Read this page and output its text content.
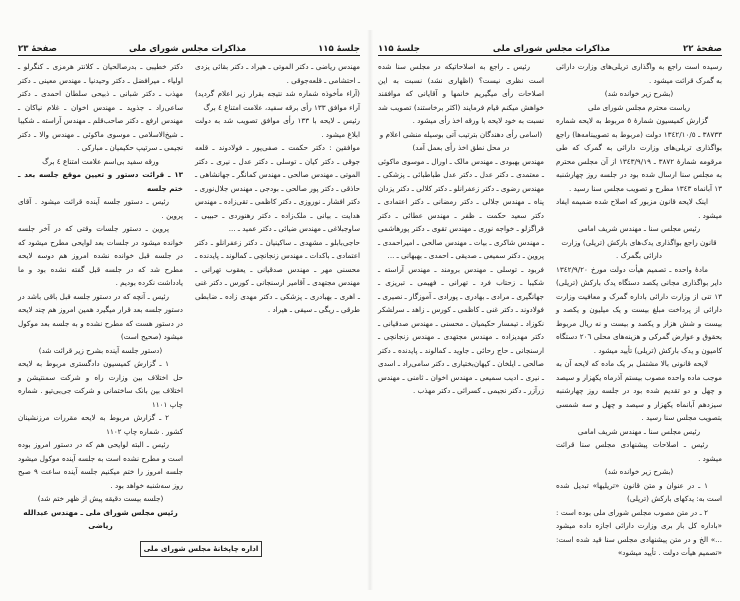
جلسهٔ ۱۱۵
مذاکرات مجلس شورای ملی
صفحهٔ ۲۳

مهندس ریاضی ـ دکتر الموتی ـ هیراد ـ دکتر بقائی یزدی ـ احتشامی ـ قلعه‌جوقی .

(آراء مأخوذه شماره شد نتیجه بقرار زیر اعلام گردید) آراء موافق ۱۳۳ رأی برقه سفید، علامت امتناع ٤ برگ

رئیس ـ لایحه با ۱۳۳ رأی موافق تصویب شد به دولت ابلاغ میشود .

موافقین : دکتر حکمت ـ صفی‌پور ـ فولادوند ـ قلعه جوقی ـ دکتر کیان ـ توسلی ـ دکتر عدل ـ نیری ـ دکتر الموتی ـ مهندس صالحی ـ مهندس کمانگر ـ جهانشاهی ـ حاذقی ـ دکتر پور صالحی ـ بودجی ـ مهندس جلال‌نوری ـ دکتر افشار ـ نوروزی ـ دکتر کاظمی ـ تقی‌زاده ـ مهندس هدایت ـ بیانی ـ ملک‌زاده ـ دکتر رهنوردی ـ حبیبی ـ ساوجبلاغی ـ مهندس ضیائی ـ دکتر عمید ـ ...

حاجی‌بابلو ـ مشهدی ـ ساکینیان ـ دکتر زعفرانلو ـ دکتر اعتمادی ـ باکدات ـ مهندس زنجانچی ـ کمالوند ـ پایدنده ـ محسنی مهر ـ مهندس صدقیانی ـ یعقوب تهرانی ـ مهندس مجتهدی ـ آقامیر ارسنجانی ـ کورس ـ دکتر غنی ـ اهری ـ بهبادری ـ پزشکی ـ دکتر مهدی زاده ـ ضابطی طرقی ـ ریگی ـ سیفی ـ هیراد .

دکتر خطیبی ـ بدرصالحیان ـ کلانتر هرمزی ـ کنگرلو ـ اولیاء ـ میرافضل ـ دکتر وحیدنیا ـ مهندس معینی ـ دکتر مهذب ـ دکتر شبانی ـ ذبیحی سلطان احمدی ـ دکتر ساعی‌راد ـ جذوید ـ مهندس اخوان ـ غلام نیاکان ـ مهندس ارفع ـ دکتر صاحب‌قلم ـ مهندس آراسته ـ شکیبا ـ شیخ‌الاسلامی ـ موسوی ماکوئی ـ مهندس والا ـ دکتر نجیمی ـ سرتیپ حکیمیان ـ مبارکی .

ورقه سفید بی‌اسم علامت امتناع ٤ برگ

۱۳ ـ قرائت دستور و تعیین موقع جلسه بعد ـ ختم جلسه

رئیس ـ دستور جلسه آینده قرائت میشود . آقای پروین .

پروین ـ دستور جلسات وقتی که در آخر جلسه خوانده میشود در جلسات بعد لوایحی مطرح میشود که در جلسه قبل خوانده نشده امروز هم دوسه لایحه مطرح شد که در جلسه قبل گفته نشده بود و ما یادداشت نکرده بودیم .

رئیس ـ آنچه که در دستور جلسه قبل باقی باشد در دستور جلسه بعد قرار میگیرد همین امروز هم چند لایحه در دستور هست که مطرح نشده و به جلسه بعد موکول میشود (صحیح است)

(دستور جلسه آینده بشرح زیر قرائت شد)

۱ ـ گزارش کمیسیون دادگستری مربوط به لایحه حل اختلاف بین وزارت راه و شرکت سمنتیشن و اختلاف بین بانک ساختمانی و شرکت جی‌بی‌تیو . شماره چاپ ۱۱۰۱

۲ ـ گزارش مربوط به لایحه مقررات مرزنشینان کشور . شماره چاپ ۱۱۰۲

رئیس ـ البته لوایحی هم که در دستور امروز بوده است و مطرح نشده است به جلسه آینده موکول میشود جلسه امروز را ختم میکنیم جلسه آینده ساعت ۹ صبح روز سه‌شنبه خواهد بود .

(جلسه بیست دقیقه پیش از ظهر ختم شد)

رئیس مجلس شورای ملی ـ مهندس عبدالله ریاضی

اداره چاپخانهٔ مجلس شورای ملی
صفحهٔ ۲۲
مذاکرات مجلس شورای ملی
جلسهٔ ۱۱۵

رسیده است راجع به واگذاری تریلی‌های وزارت دارائی به گمرک قرائت میشود .

(بشرح زیر خوانده شد)

ریاست محترم مجلس شورای ملی

گزارش کمیسیون شمارهٔ ٥ مربوط به لایحه شماره ۳۸۷۳۳ ـ ۱۳٤۲/۱۰/٥ دولت (مربوط به تصویبنامه‌ها) راجع بواگذاری تریلی‌های وزارت دارائی به گمرک که طی مرقومه شمارهٔ ۳۸۷۲ ـ ۱۳٤۳/۹/۱۹ از آن مجلس محترم به مجلس سنا ارسال شده بود در جلسه روز چهارشنبه ۱۳ آبانماه ۱۳٤۳ مطرح و تصویب مجلس سنا رسید .

اینک لایحه قانون مزبور که اصلاح شده ضمیمه ایفاد میشود .

رئیس مجلس سنا ـ مهندس شریف امامی

قانون راجع بواگذاری یدک‌های بارکش (تریلی) وزارت دارائی بگمرک .

مادهٔ واحده ـ تصمیم هیأت دولت مورخ ۱۳٤۲/۹/۲۰ دایر بواگذاری مجانی یکصد دستگاه یدک بارکش (تریلی) ۱۳ تنی از وزارت دارائی باداره گمرک و معافیت وزارت دارائی از پرداخت مبلغ بیست و یک میلیون و یکصد و بیست و شش هزار و یکصد و بیست و نه ریال مربوط بحقوق و عوارض گمرکی و هزینه‌های محلی ۲۰٦ دستگاه کامیون و یدک بارکش (تریلی) تأیید میشود .

لایحه قانونی بالا مشتمل بر یک ماده که لایحه آن به موجب ماده واحده مصوب بیستم آذرماه یکهزار و سیصد و چهل و دو تقدیم شده بود در جلسه روز چهارشنبه سیزدهم آبانماه یکهزار و سیصد و چهل و سه شمسی بتصویب مجلس سنا رسید .

رئیس مجلس سنا ـ مهندس شریف امامی

رئیس ـ اصلاحات پیشنهادی مجلس سنا قرائت میشود .

(بشرح زیر خوانده شد)

۱ ـ در عنوان و متن قانون «تریلیها» تبدیل شده است به: یدکهای بارکش (تریلی)

۲ ـ در متن مصوب مجلس شورای ملی بوده است : «باداره کل بار بری وزارت دارائی اجازه داده میشود ...» الخ و در متن پیشنهادی مجلس سنا قید شده است: «تصمیم هیأت دولت . تأیید میشود»

رئیس ـ راجع به اصلاحاتیکه در مجلس سنا شده است نظری نیست؟ (اظهاری نشد) نسبت به این اصلاحات رأی میگیریم خانمها و آقایانی که موافقند خواهش میکنم قیام فرمایند (اکثر برخاستند) تصویب شد نسبت به خود لایحه با ورقه اخذ رأی میشود .

(اسامی رأی دهندگان بترتیب آتی بوسیله منشی اعلام و در محل نطق اخذ رأی بعمل آمد)

مهندس بهبودی ـ مهندس مالک ـ اورال ـ موسوی ماکوئی ـ معتمدی ـ دکتر عدل ـ دکتر عدل طباطبائی ـ پزشکی ـ مهندس رضوی ـ دکتر زعفرانلو ـ دکتر کلالی ـ دکتر یزدان پناه ـ مهندس جلالی ـ دکتر رمضانی ـ دکتر اعتمادی ـ دکتر سعید حکمت ـ ظفر ـ مهندس عطائی ـ دکتر قراگزلو ـ خواجه نوری ـ مهندس تقوی ـ دکتر پورهاشمی ـ مهندس شاکری ـ بیات ـ مهندس صالحی ـ امیراحمدی ـ پروین ـ دکتر سمیعی ـ صدیقی ـ احمدی ـ بهبهانی ـ ...

فربود ـ توسلی ـ مهندس برومند ـ مهندس آراسته ـ شکیبا ـ زحتاب فرد ـ تهرانی ـ فهیمی ـ تبریزی ـ جهانگیری ـ مرادی ـ بهادری ـ پورادی ـ آموزگار ـ نصیری ـ فولادوند ـ دکتر غنی ـ کاظمی ـ کورس ـ زاهد ـ سرلشکر نکوزاد ـ تیمسار حکیمیان ـ محسنی ـ مهندس صدقیانی ـ دکتر مهدیزاده ـ مهندس مجتهدی ـ مهندس زنجانچی ـ ارسنجانی ـ حاج رحائی ـ جاوید ـ کمالوند ـ پایدنده ـ دکتر صالحی ـ ایلخان ـ کیهان‌بختیاری ـ دکتر سامی‌راد ـ اسدی ـ نیری ـ ادیب سمیعی ـ مهندس اخوان ـ ثامنی ـ مهندس زرآزر ـ دکتر نجیمی ـ کسرائی ـ دکتر مهذب .
